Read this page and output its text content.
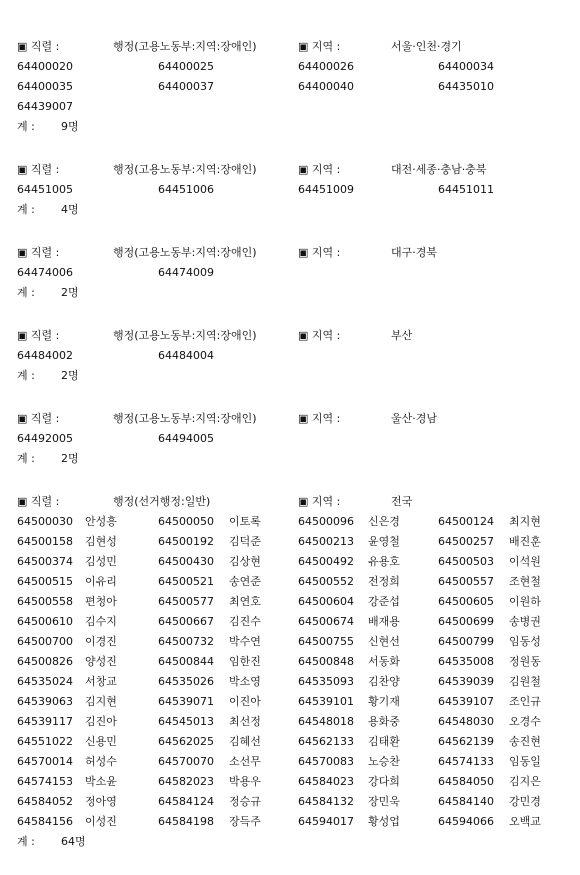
▣ 직렬 :	행정(고용노동부:지역:장애인)	▣ 지역 :	서울·인천·경기
64400020	64400025	64400026	64400034
64400035	64400037	64400040	64435010
64439007
계 : 9명
▣ 직렬 :	행정(고용노동부:지역:장애인)	▣ 지역 :	대전·세종·충남·충북
64451005	64451006	64451009	64451011
계 : 4명
▣ 직렬 :	행정(고용노동부:지역:장애인)	▣ 지역 :	대구·경북
64474006	64474009
계 : 2명
▣ 직렬 :	행정(고용노동부:지역:장애인)	▣ 지역 :	부산
64484002	64484004
계 : 2명
▣ 직렬 :	행정(고용노동부:지역:장애인)	▣ 지역 :	울산·경남
64492005	64494005
계 : 2명
▣ 직렬 :	행정(선거행정:일반)	▣ 지역 :	전국
64500030 안성흥	64500050 이토록	64500096 신은경	64500124 최지현
64500158 김현성	64500192 김덕준	64500213 윤영철	64500257 배진훈
64500374 김성민	64500430 김상현	64500492 유용호	64500503 이석원
64500515 이유리	64500521 송연준	64500552 전정희	64500557 조현철
64500558 편청아	64500577 최연호	64500604 강준섭	64500605 이원하
64500610 김수지	64500667 김진수	64500674 배재용	64500699 송병권
64500700 이경진	64500732 박수연	64500755 신현선	64500799 임동성
64500826 양성진	64500844 임한진	64500848 서동화	64535008 정원동
64535024 서창교	64535026 박소영	64535093 김찬양	64539039 김원철
64539063 김지현	64539071 이진아	64539101 황기재	64539107 조인규
64539117 김진아	64545013 최선정	64548018 용화중	64548030 오경수
64551022 신용민	64562025 김혜선	64562133 김태환	64562139 송진현
64570014 허성수	64570070 소선무	64570083 노승찬	64574133 임동일
64574153 박소윤	64582023 박용우	64584023 강다희	64584050 김지은
64584052 정아영	64584124 정승규	64584132 장민욱	64584140 강민경
64584156 이성진	64584198 장득주	64594017 황성업	64594066 오백교
계 : 64명
